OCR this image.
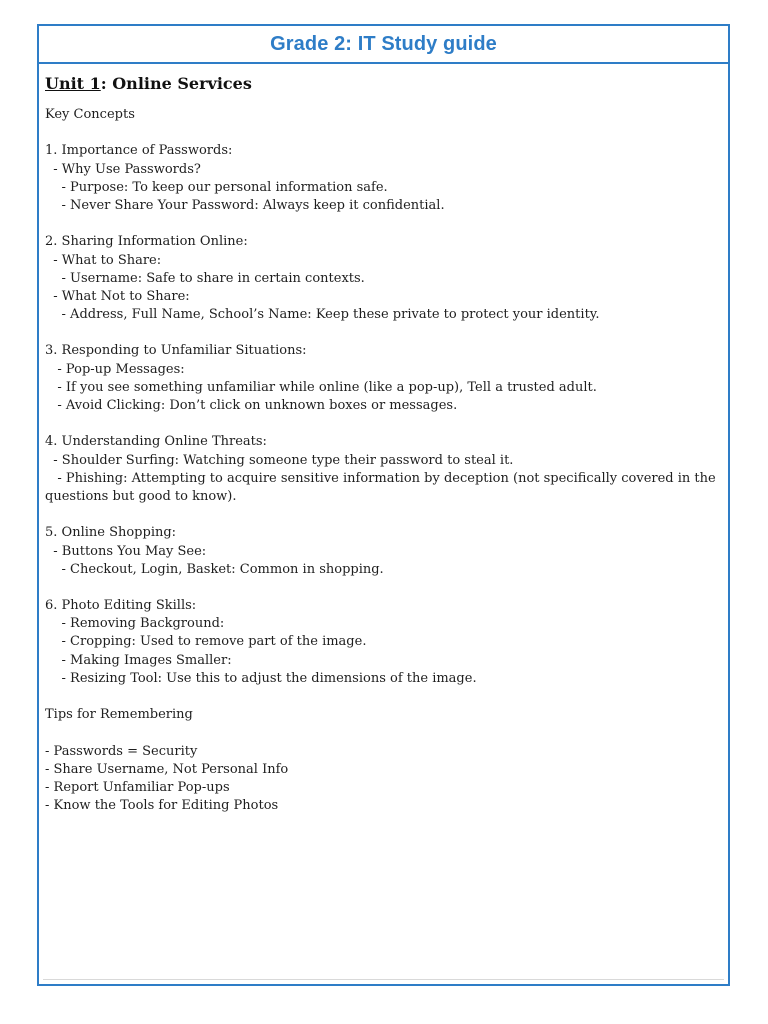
Grade 2: IT Study guide
Unit 1: Online Services
Key Concepts
1. Importance of Passwords:
- Why Use Passwords?
- Purpose: To keep our personal information safe.
- Never Share Your Password: Always keep it confidential.
2. Sharing Information Online:
- What to Share:
- Username: Safe to share in certain contexts.
- What Not to Share:
- Address, Full Name, School’s Name: Keep these private to protect your identity.
3. Responding to Unfamiliar Situations:
- Pop-up Messages:
- If you see something unfamiliar while online (like a pop-up), Tell a trusted adult.
- Avoid Clicking: Don’t click on unknown boxes or messages.
4. Understanding Online Threats:
- Shoulder Surfing: Watching someone type their password to steal it.
- Phishing: Attempting to acquire sensitive information by deception (not specifically covered in the questions but good to know).
5. Online Shopping:
- Buttons You May See:
- Checkout, Login, Basket: Common in shopping.
6. Photo Editing Skills:
- Removing Background:
- Cropping: Used to remove part of the image.
- Making Images Smaller:
- Resizing Tool: Use this to adjust the dimensions of the image.
Tips for Remembering
- Passwords = Security
- Share Username, Not Personal Info
- Report Unfamiliar Pop-ups
- Know the Tools for Editing Photos
